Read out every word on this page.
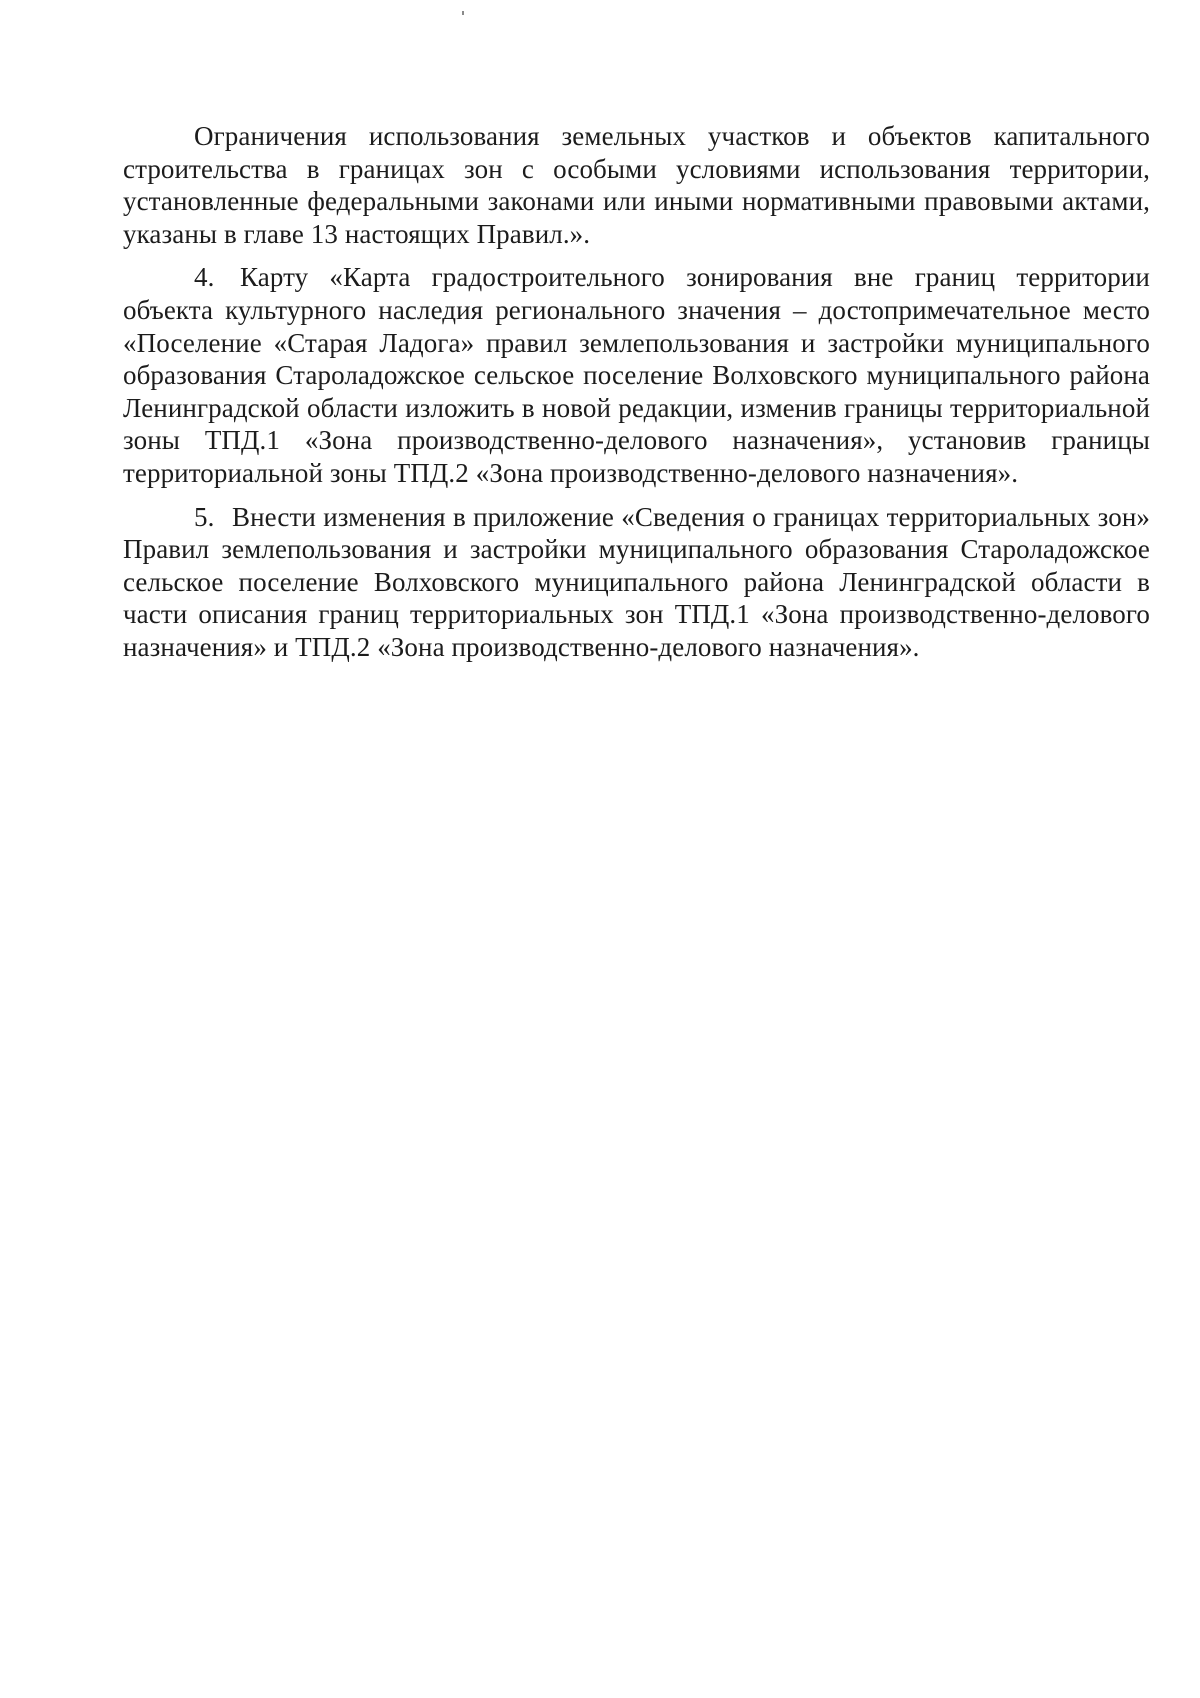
Ограничения использования земельных участков и объектов капитального строительства в границах зон с особыми условиями использования территории, установленные федеральными законами или иными нормативными правовыми актами, указаны в главе 13 настоящих Правил.».

4. Карту «Карта градостроительного зонирования вне границ территории объекта культурного наследия регионального значения – достопримечательное место «Поселение «Старая Ладога» правил землепользования и застройки муниципального образования Староладожское сельское поселение Волховского муниципального района Ленинградской области изложить в новой редакции, изменив границы территориальной зоны ТПД.1 «Зона производственно-делового назначения», установив границы территориальной зоны ТПД.2 «Зона производственно-делового назначения».

5. Внести изменения в приложение «Сведения о границах территориальных зон» Правил землепользования и застройки муниципального образования Староладожское сельское поселение Волховского муниципального района Ленинградской области в части описания границ территориальных зон ТПД.1 «Зона производственно-делового назначения» и ТПД.2 «Зона производственно-делового назначения».
